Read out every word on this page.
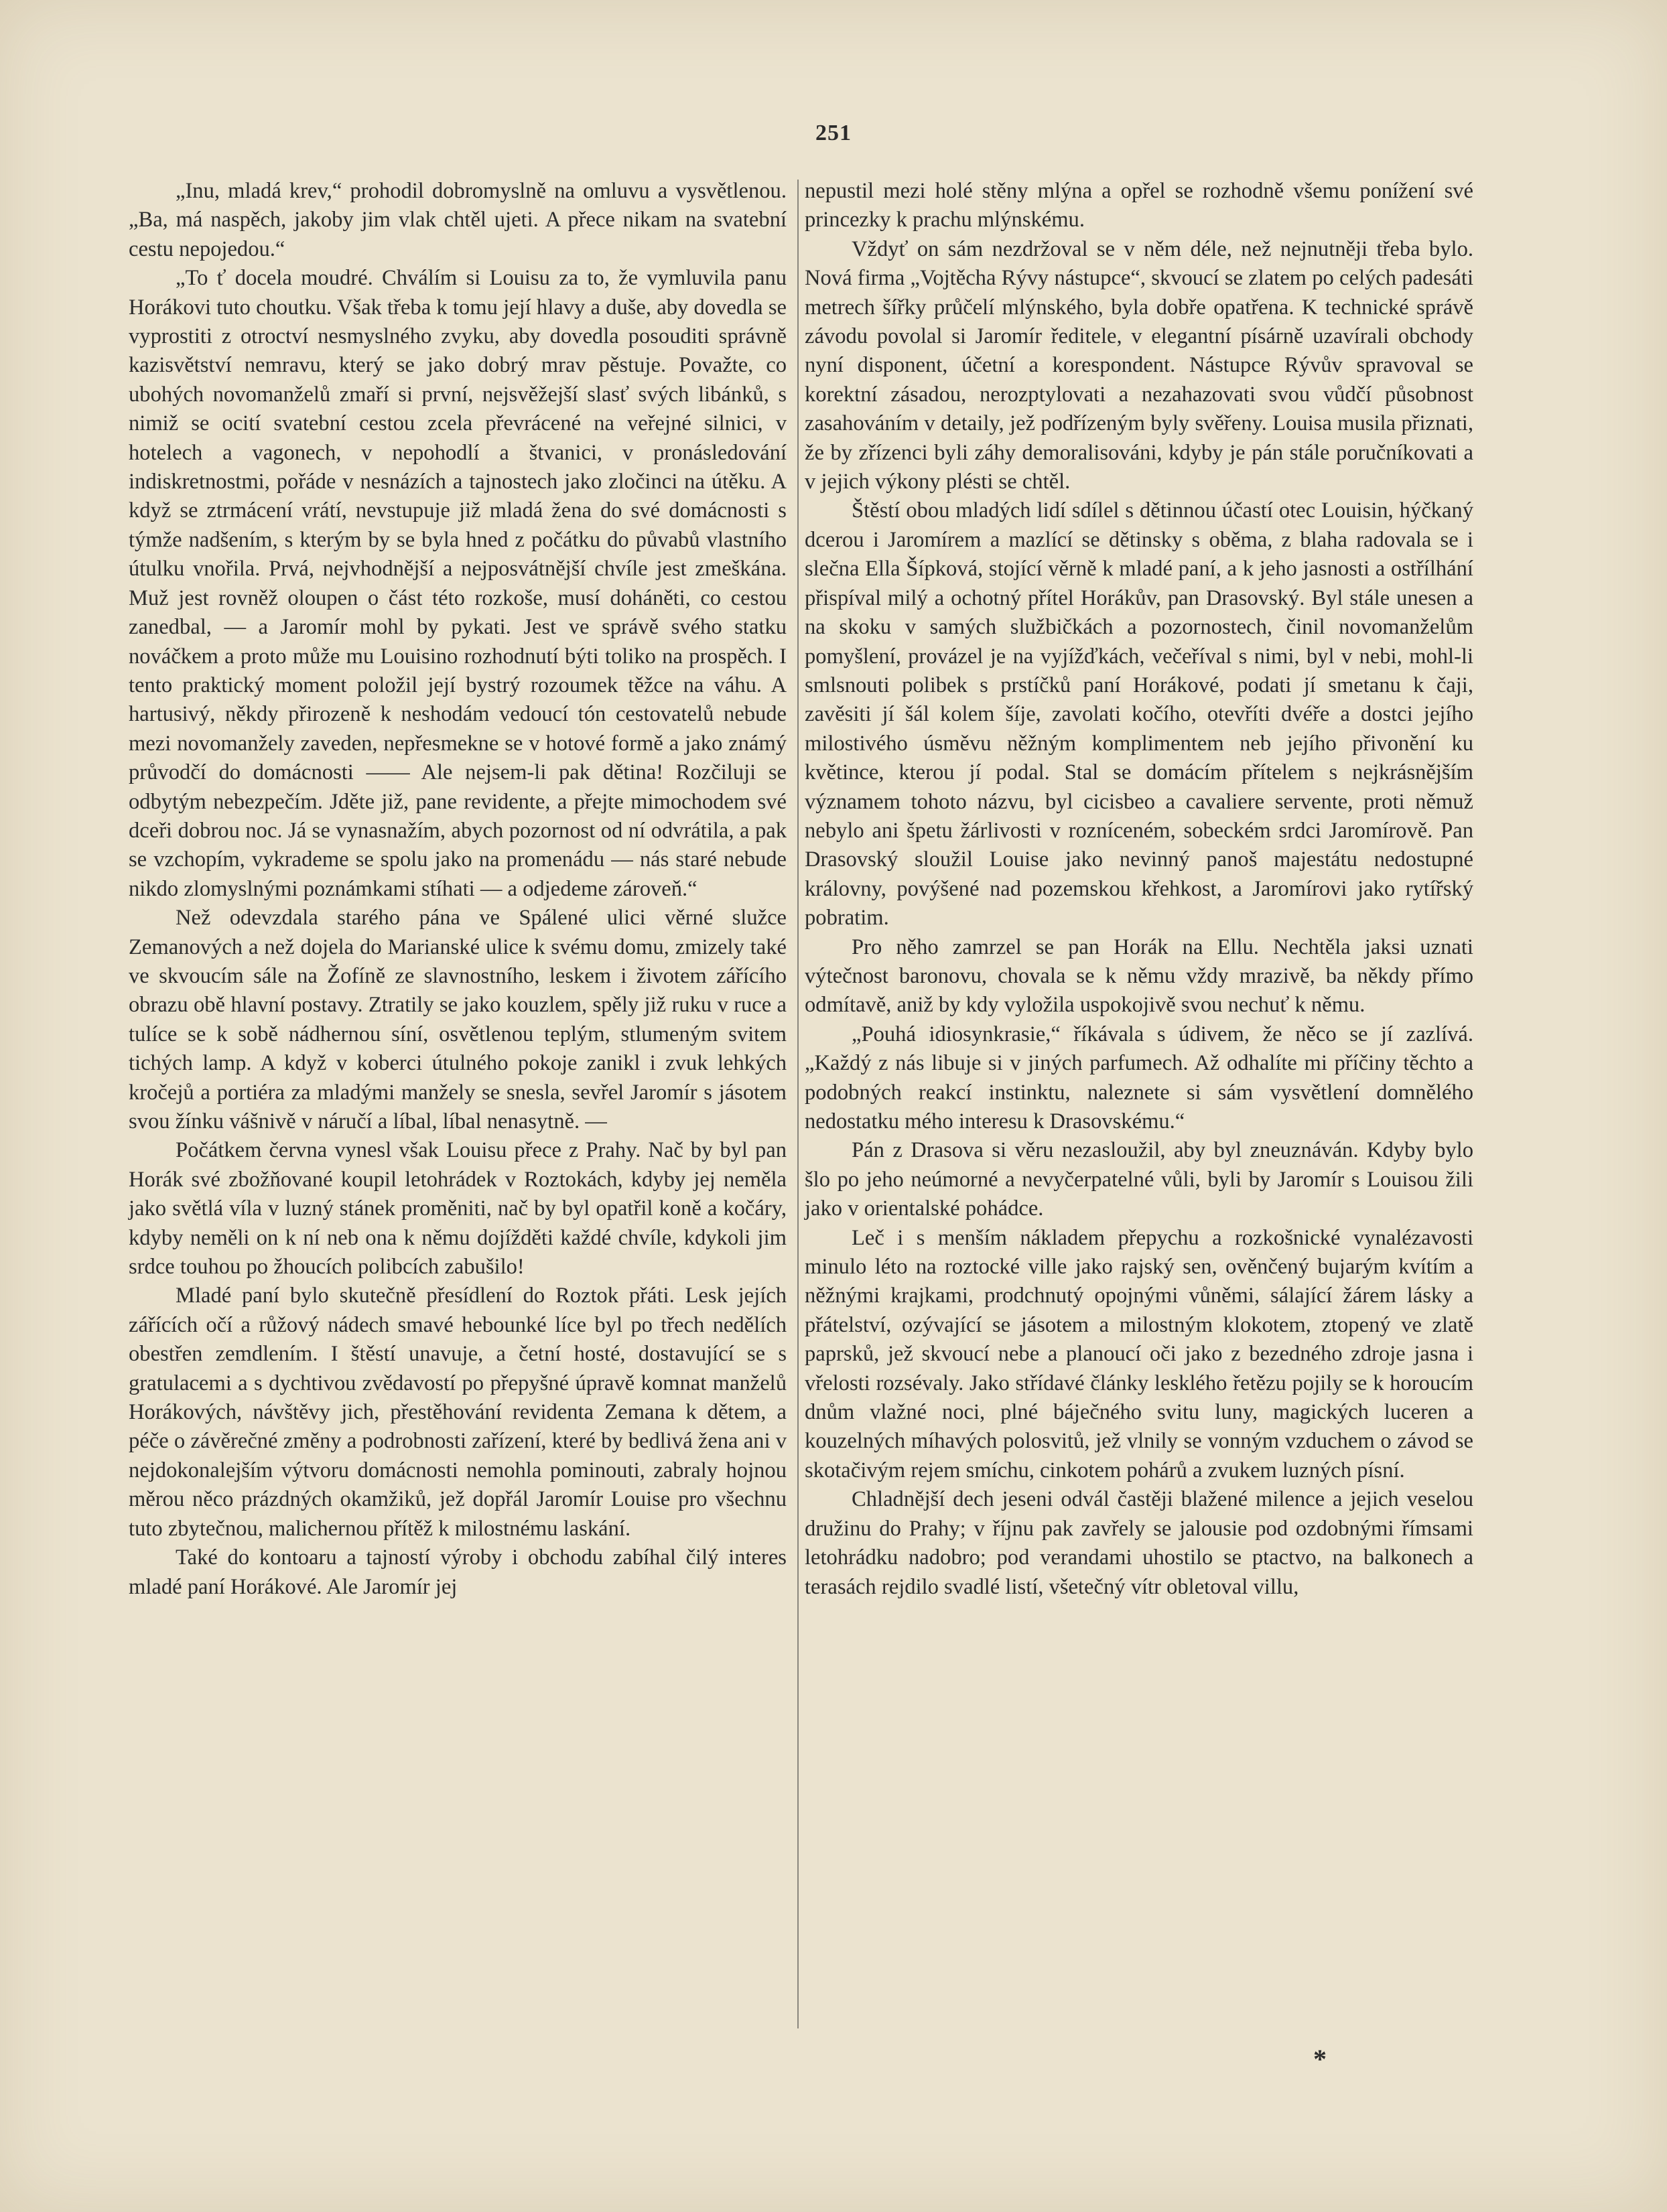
251

„Inu, mladá krev,“ prohodil dobromyslně na omluvu a vysvětlenou. „Ba, má naspěch, jakoby jim vlak chtěl ujeti. A přece nikam na svatební cestu nepojedou.“

„To ť docela moudré. Chválím si Louisu za to, že vymluvila panu Horákovi tuto choutku. Však třeba k tomu její hlavy a duše, aby dovedla se vyprostiti z otroctví nesmyslného zvyku, aby dovedla posouditi správně kazisvětství nemravu, který se jako dobrý mrav pěstuje. Považte, co ubohých novomanželů zmaří si první, nejsvěžejší slasť svých libánků, s nimiž se ocití svatební cestou zcela převrácené na veřejné silnici, v hotelech a vagonech, v nepohodlí a štvanici, v pronásledování indiskretnostmi, pořáde v nesnázích a tajnostech jako zločinci na útěku. A když se ztrmácení vrátí, nevstupuje již mladá žena do své domácnosti s týmže nadšením, s kterým by se byla hned z počátku do půvabů vlastního útulku vnořila. Prvá, nejvhodnější a nejposvátnější chvíle jest zmeškána. Muž jest rovněž oloupen o část této rozkoše, musí doháněti, co cestou zanedbal, — a Jaromír mohl by pykati. Jest ve správě svého statku nováčkem a proto může mu Louisino rozhodnutí býti toliko na prospěch. I tento praktický moment položil její bystrý rozoumek těžce na váhu. A hartusivý, někdy přirozeně k neshodám vedoucí tón cestovatelů nebude mezi novomanžely zaveden, nepřesmekne se v hotové formě a jako známý průvodčí do domácnosti —— Ale nejsem-li pak dětina! Rozčiluji se odbytým nebezpečím. Jděte již, pane revidente, a přejte mimochodem své dceři dobrou noc. Já se vynasnažím, abych pozornost od ní odvrátila, a pak se vzchopím, vykrademe se spolu jako na promenádu — nás staré nebude nikdo zlomyslnými poznámkami stíhati — a odjedeme zároveň.“

Než odevzdala starého pána ve Spálené ulici věrné služce Zemanových a než dojela do Marianské ulice k svému domu, zmizely také ve skvoucím sále na Žofíně ze slavnostního, leskem i životem zářícího obrazu obě hlavní postavy. Ztratily se jako kouzlem, spěly již ruku v ruce a tulíce se k sobě nádhernou síní, osvětlenou teplým, stlumeným svitem tichých lamp. A když v koberci útulného pokoje zanikl i zvuk lehkých kročejů a portiéra za mladými manžely se snesla, sevřel Jaromír s jásotem svou žínku vášnivě v náručí a líbal, líbal nenasytně. —

Počátkem června vynesl však Louisu přece z Prahy. Nač by byl pan Horák své zbožňované koupil letohrádek v Roztokách, kdyby jej neměla jako světlá víla v luzný stánek proměniti, nač by byl opatřil koně a kočáry, kdyby neměli on k ní neb ona k němu dojížděti každé chvíle, kdykoli jim srdce touhou po žhoucích polibcích zabušilo!

Mladé paní bylo skutečně přesídlení do Roztok přáti. Lesk jejích zářících očí a růžový nádech smavé hebounké líce byl po třech nedělích obestřen zemdlením. I štěstí unavuje, a četní hosté, dostavující se s gratulacemi a s dychtivou zvědavostí po přepyšné úpravě komnat manželů Horákových, návštěvy jich, přestěhování revidenta Zemana k dětem, a péče o závěrečné změny a podrobnosti zařízení, které by bedlivá žena ani v nejdokonalejším výtvoru domácnosti nemohla pominouti, zabraly hojnou měrou něco prázdných okamžiků, jež dopřál Jaromír Louise pro všechnu tuto zbytečnou, malichernou přítěž k milostnému laskání.

Také do kontoaru a tajností výroby i obchodu zabíhal čilý interes mladé paní Horákové. Ale Jaromír jej

nepustil mezi holé stěny mlýna a opřel se rozhodně všemu ponížení své princezky k prachu mlýnskému.

Vždyť on sám nezdržoval se v něm déle, než nejnutněji třeba bylo. Nová firma „Vojtěcha Rývy nástupce“, skvoucí se zlatem po celých padesáti metrech šířky průčelí mlýnského, byla dobře opatřena. K technické správě závodu povolal si Jaromír ředitele, v elegantní písárně uzavírali obchody nyní disponent, účetní a korespondent. Nástupce Rývův spravoval se korektní zásadou, nerozptylovati a nezahazovati svou vůdčí působnost zasahováním v detaily, jež podřízeným byly svěřeny. Louisa musila přiznati, že by zřízenci byli záhy demoralisováni, kdyby je pán stále poručníkovati a v jejich výkony plésti se chtěl.

Štěstí obou mladých lidí sdílel s dětinnou účastí otec Louisin, hýčkaný dcerou i Jaromírem a mazlící se dětinsky s oběma, z blaha radovala se i slečna Ella Šípková, stojící věrně k mladé paní, a k jeho jasnosti a ostřílhání přispíval milý a ochotný přítel Horákův, pan Drasovský. Byl stále unesen a na skoku v samých službičkách a pozornostech, činil novomanželům pomyšlení, provázel je na vyjížďkách, večeříval s nimi, byl v nebi, mohl-li smlsnouti polibek s prstíčků paní Horákové, podati jí smetanu k čaji, zavěsiti jí šál kolem šíje, zavolati kočího, otevříti dvéře a dostci jejího milostivého úsměvu něžným komplimentem neb jejího přivonění ku květince, kterou jí podal. Stal se domácím přítelem s nejkrásnějším významem tohoto názvu, byl cicisbeo a cavaliere servente, proti němuž nebylo ani špetu žárlivosti v rozníceném, sobeckém srdci Jaromírově. Pan Drasovský sloužil Louise jako nevinný panoš majestátu nedostupné královny, povýšené nad pozemskou křehkost, a Jaromírovi jako rytířský pobratim.

Pro něho zamrzel se pan Horák na Ellu. Nechtěla jaksi uznati výtečnost baronovu, chovala se k němu vždy mrazivě, ba někdy přímo odmítavě, aniž by kdy vyložila uspokojivě svou nechuť k němu.

„Pouhá idiosynkrasie,“ říkávala s údivem, že něco se jí zazlívá. „Každý z nás libuje si v jiných parfumech. Až odhalíte mi příčiny těchto a podobných reakcí instinktu, naleznete si sám vysvětlení domnělého nedostatku mého interesu k Drasovskému.“

Pán z Drasova si věru nezasloužil, aby byl zneuznáván. Kdyby bylo šlo po jeho neúmorné a nevyčerpatelné vůli, byli by Jaromír s Louisou žili jako v orientalské pohádce.

Leč i s menším nákladem přepychu a rozkošnické vynalézavosti minulo léto na roztocké ville jako rajský sen, ověnčený bujarým kvítím a něžnými krajkami, prodchnutý opojnými vůněmi, sálající žárem lásky a přátelství, ozývající se jásotem a milostným klokotem, ztopený ve zlatě paprsků, jež skvoucí nebe a planoucí oči jako z bezedného zdroje jasna i vřelosti rozsévaly. Jako střídavé články lesklého řetězu pojily se k horoucím dnům vlažné noci, plné báječného svitu luny, magických luceren a kouzelných míhavých polosvitů, jež vlnily se vonným vzduchem o závod se skotačivým rejem smíchu, cinkotem pohárů a zvukem luzných písní.

Chladnější dech jeseni odvál častěji blažené milence a jejich veselou družinu do Prahy; v říjnu pak zavřely se jalousie pod ozdobnými římsami letohrádku nadobro; pod verandami uhostilo se ptactvo, na balkonech a terasách rejdilo svadlé listí, všetečný vítr obletoval villu,

*
